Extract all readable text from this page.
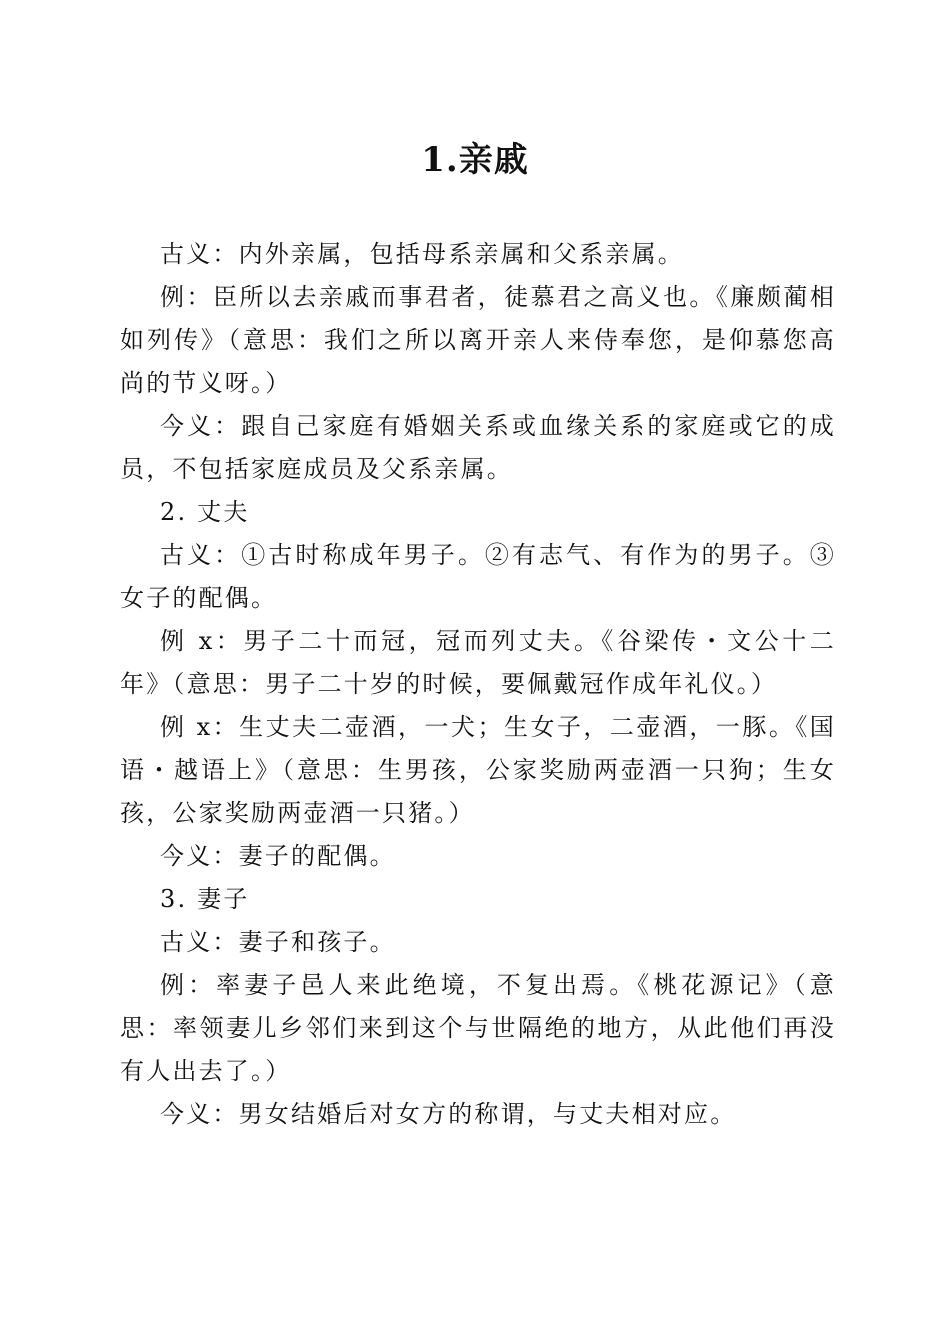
1.亲戚

古义：内外亲属，包括母系亲属和父系亲属。

例：臣所以去亲戚而事君者，徒慕君之高义也。《廉颇蔺相如列传》（意思：我们之所以离开亲人来侍奉您，是仰慕您高尚的节义呀。）

今义：跟自己家庭有婚姻关系或血缘关系的家庭或它的成员，不包括家庭成员及父系亲属。

2. 丈夫

古义：①古时称成年男子。②有志气、有作为的男子。③女子的配偶。

例 x：男子二十而冠，冠而列丈夫。《谷梁传・文公十二年》（意思：男子二十岁的时候，要佩戴冠作成年礼仪。）

例 x：生丈夫二壶酒，一犬；生女子，二壶酒，一豚。《国语・越语上》（意思：生男孩，公家奖励两壶酒一只狗；生女孩，公家奖励两壶酒一只猪。）

今义：妻子的配偶。

3. 妻子

古义：妻子和孩子。

例：率妻子邑人来此绝境，不复出焉。《桃花源记》（意思：率领妻儿乡邻们来到这个与世隔绝的地方，从此他们再没有人出去了。）

今义：男女结婚后对女方的称谓，与丈夫相对应。
